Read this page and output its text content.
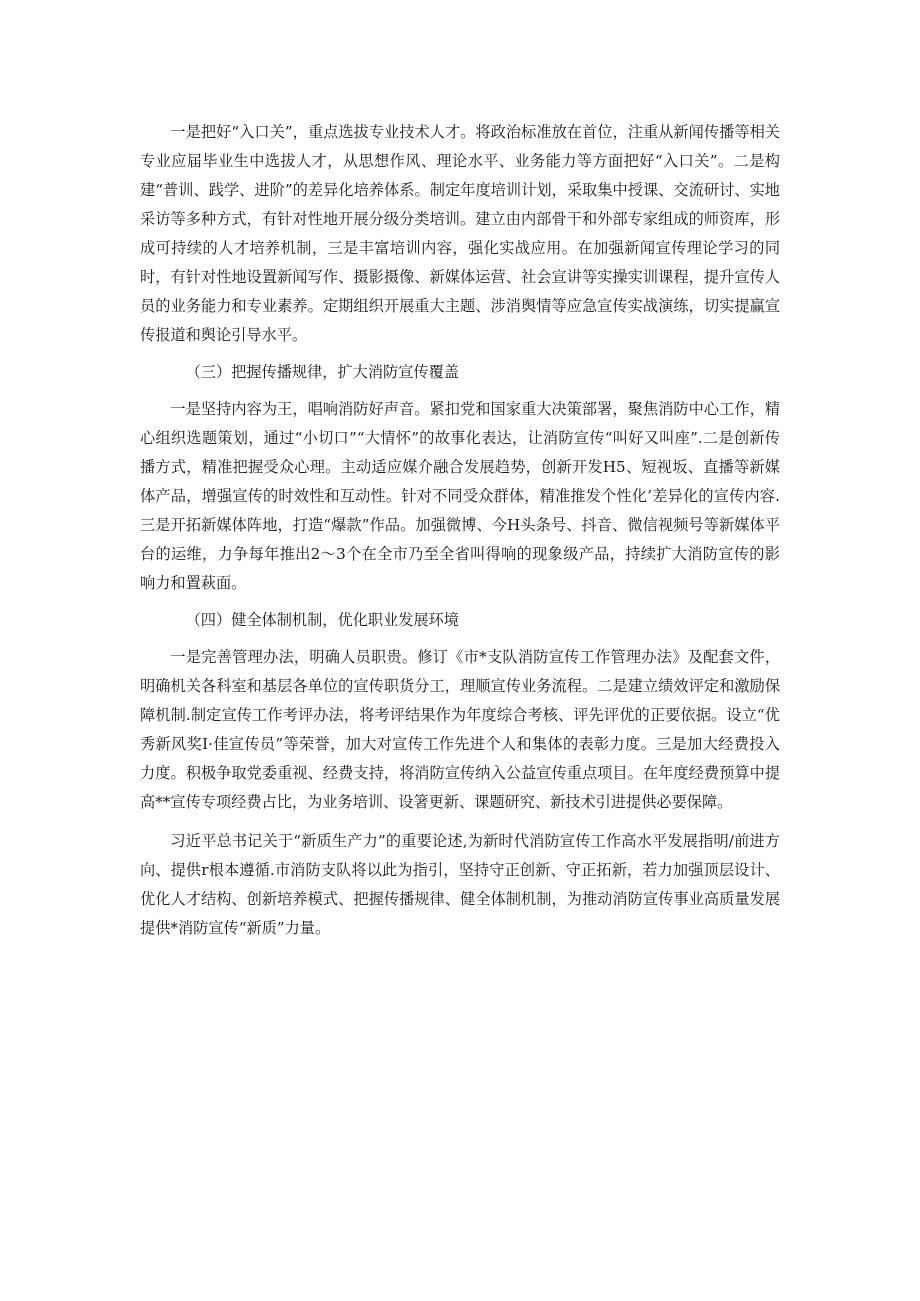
一是把好“入口关”，重点选拔专业技术人才。将政治标准放在首位，注重从新闻传播等相关专业应届毕业生中选拔人才，从思想作风、理论水平、业务能力等方面把好“入口关”。二是构建“普训、践学、进阶”的差异化培养体系。制定年度培训计划，采取集中授课、交流研讨、实地采访等多种方式，有针对性地开展分级分类培训。建立由内部骨干和外部专家组成的师资库，形成可持续的人才培养机制，三是丰富培训内容，强化实战应用。在加强新闻宣传理论学习的同时，有针对性地设置新闻写作、摄影摄像、新媒体运营、社会宣讲等实操实训课程，提升宣传人员的业务能力和专业素养。定期组织开展重大主题、涉消舆情等应急宣传实战演练，切实提赢宣传报道和舆论引导水平。

（三）把握传播规律，扩大消防宣传覆盖

一是坚持内容为王，唱响消防好声音。紧扣党和国家重大决策部署，聚焦消防中心工作，精心组织选题策划，通过“小切口”“大情怀”的故事化表达，让消防宣传“叫好又叫座”.二是创新传播方式，精准把握受众心理。主动适应媒介融合发展趋势，创新开发H5、短视坂、直播等新媒体产品，增强宣传的时效性和互动性。针对不同受众群体，精准推发个性化’差异化的宣传内容.三是开拓新媒体阵地，打造“爆款”作品。加强微博、今H头条号、抖音、微信视频号等新媒体平台的运维，力争每年推出2〜3个在全市乃至全省叫得响的现象级产品，持续扩大消防宣传的影响力和置萩面。

（四）健全体制机制，优化职业发展环境

一是完善管理办法，明确人员职贵。修订《市*支队消防宣传工作管理办法》及配套文件，明确机关各科室和基层各单位的宣传职货分工，理顺宣传业务流程。二是建立绩效评定和激励保障机制.制定宣传工作考评办法，将考评结果作为年度综合考核、评先评优的正要依据。设立“优秀新风奖I·佳宣传员”等荣誉，加大对宣传工作先进个人和集体的表彰力度。三是加大经费投入力度。积极争取党委重视、经费支持，将消防宣传纳入公益宣传重点项目。在年度经费预算中提高**宣传专项经费占比，为业务培训、设箸更新、课题研究、新技术引进提供必要保障。

习近平总书记关于“新质生产力”的重要论述,为新时代消防宣传工作高水平发展指明/前进方向、提供r根本遵循.市消防支队将以此为指引，坚持守正创新、守正拓新，若力加强顶层设计、优化人才结构、创新培养模式、把握传播规律、健全体制机制，为推动消防宣传事业高质量发展提供*消防宣传“新质”力量。
